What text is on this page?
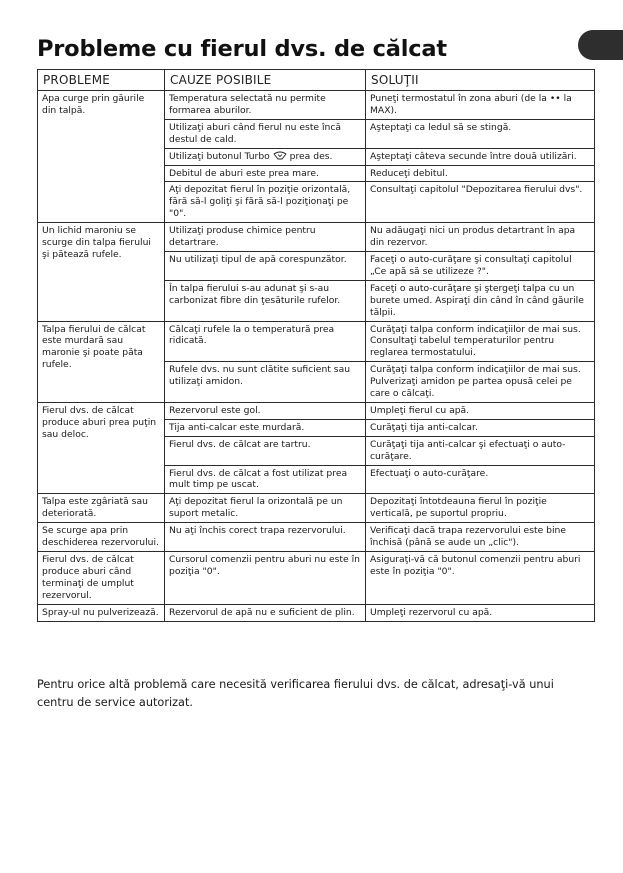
Probleme cu fierul dvs. de călcat
PROBLEME	CAUZE POSIBILE	SOLUŢII
Apa curge prin găurile din talpă.	Temperatura selectată nu permite formarea aburilor.	Puneţi termostatul în zona aburi (de la •• la MAX).
	Utilizaţi aburi când fierul nu este încă destul de cald.	Aşteptaţi ca ledul să se stingă.
	Utilizaţi butonul Turbo prea des.	Aşteptaţi câteva secunde între două utilizări.
	Debitul de aburi este prea mare.	Reduceţi debitul.
	Aţi depozitat fierul în poziţie orizontală, fără să-l goliţi şi fără să-l poziţionaţi pe "0".	Consultaţi capitolul "Depozitarea fierului dvs".
Un lichid maroniu se scurge din talpa fierului şi pătează rufele.	Utilizaţi produse chimice pentru detartrare.	Nu adăugaţi nici un produs detartrant în apa din rezervor.
	Nu utilizaţi tipul de apă corespunzător.	Faceţi o auto-curăţare şi consultaţi capitolul „Ce apă să se utilizeze ?".
	În talpa fierului s-au adunat şi s-au carbonizat fibre din ţesăturile rufelor.	Faceţi o auto-curăţare şi ştergeţi talpa cu un burete umed. Aspiraţi din când în când găurile tălpii.
Talpa fierului de călcat este murdară sau maronie şi poate păta rufele.	Călcaţi rufele la o temperatură prea ridicată.	Curăţaţi talpa conform indicaţiilor de mai sus. Consultaţi tabelul temperaturilor pentru reglarea termostatului.
	Rufele dvs. nu sunt clătite suficient sau utilizaţi amidon.	Curăţaţi talpa conform indicaţiilor de mai sus. Pulverizaţi amidon pe partea opusă celei pe care o călcaţi.
Fierul dvs. de călcat produce aburi prea puţin sau deloc.	Rezervorul este gol.	Umpleţi fierul cu apă.
	Tija anti-calcar este murdară.	Curăţaţi tija anti-calcar.
	Fierul dvs. de călcat are tartru.	Curăţaţi tija anti-calcar şi efectuaţi o auto-curăţare.
	Fierul dvs. de călcat a fost utilizat prea mult timp pe uscat.	Efectuaţi o auto-curăţare.
Talpa este zgâriată sau deteriorată.	Aţi depozitat fierul la orizontală pe un suport metalic.	Depozitaţi întotdeauna fierul în poziţie verticală, pe suportul propriu.
Se scurge apa prin deschiderea rezervorului.	Nu aţi închis corect trapa rezervorului.	Verificaţi dacă trapa rezervorului este bine închisă (până se aude un „clic").
Fierul dvs. de călcat produce aburi când terminaţi de umplut rezervorul.	Cursorul comenzii pentru aburi nu este în poziţia "0".	Asiguraţi-vă că butonul comenzii pentru aburi este în poziţia "0".
Spray-ul nu pulverizează.	Rezervorul de apă nu e suficient de plin.	Umpleţi rezervorul cu apă.

Pentru orice altă problemă care necesită verificarea fierului dvs. de călcat, adresaţi-vă unui centru de service autorizat.
